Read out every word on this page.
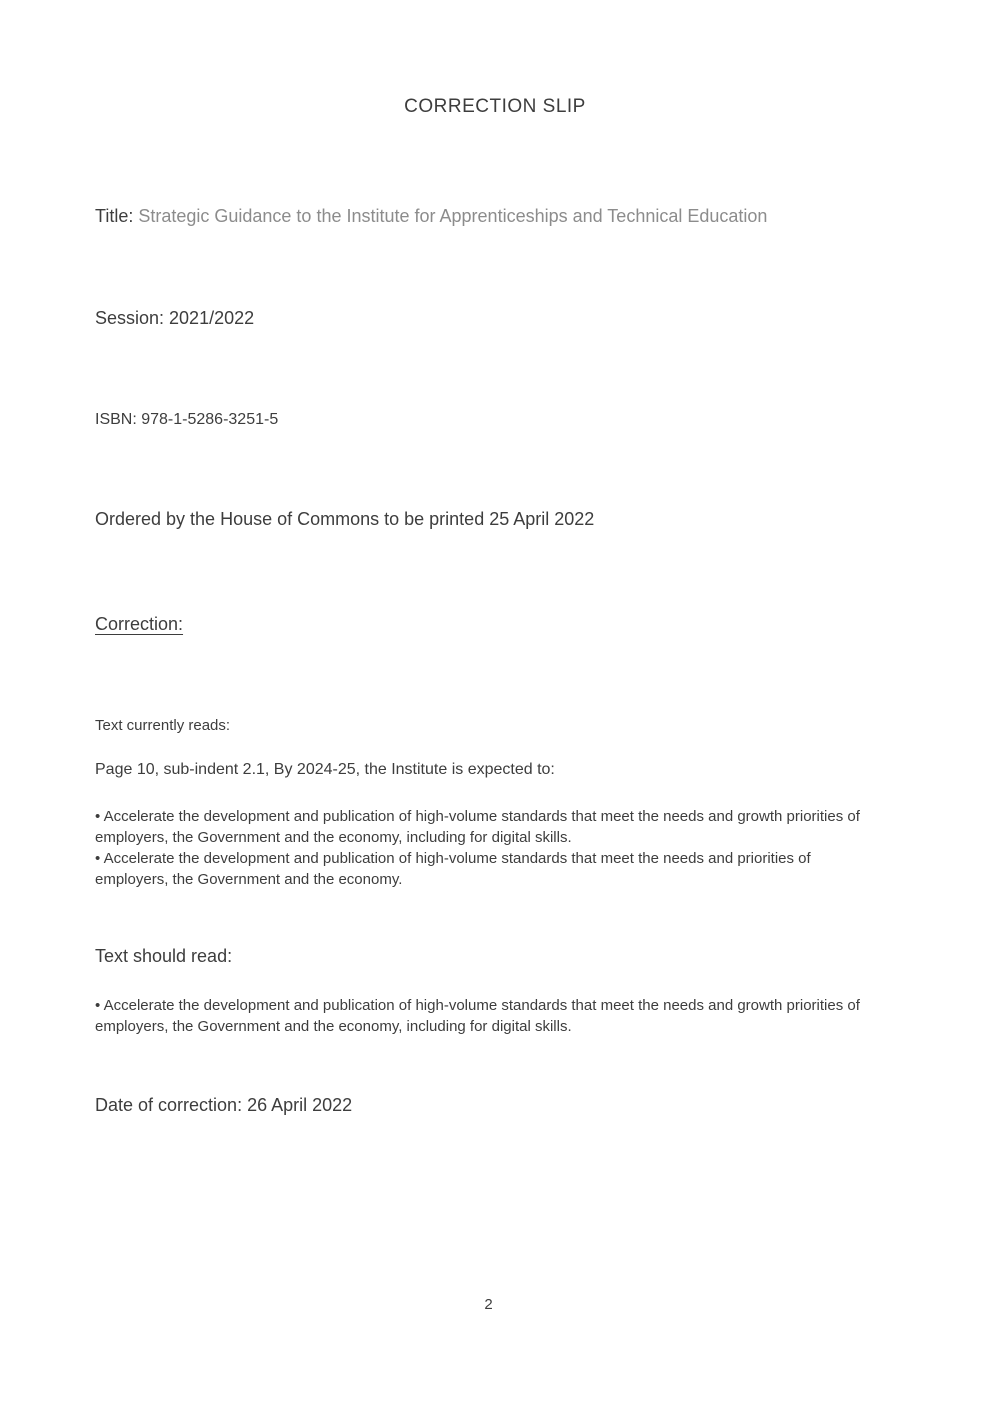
CORRECTION SLIP
Title: Strategic Guidance to the Institute for Apprenticeships and Technical Education
Session: 2021/2022
ISBN: 978-1-5286-3251-5
Ordered by the House of Commons to be printed 25 April 2022
Correction:
Text currently reads:
Page 10, sub-indent 2.1, By 2024-25, the Institute is expected to:

• Accelerate the development and publication of high-volume standards that meet the needs and growth priorities of employers, the Government and the economy, including for digital skills.

• Accelerate the development and publication of high-volume standards that meet the needs and priorities of employers, the Government and the economy.

Text should read:

• Accelerate the development and publication of high-volume standards that meet the needs and growth priorities of employers, the Government and the economy, including for digital skills.

Date of correction: 26 April 2022
2
